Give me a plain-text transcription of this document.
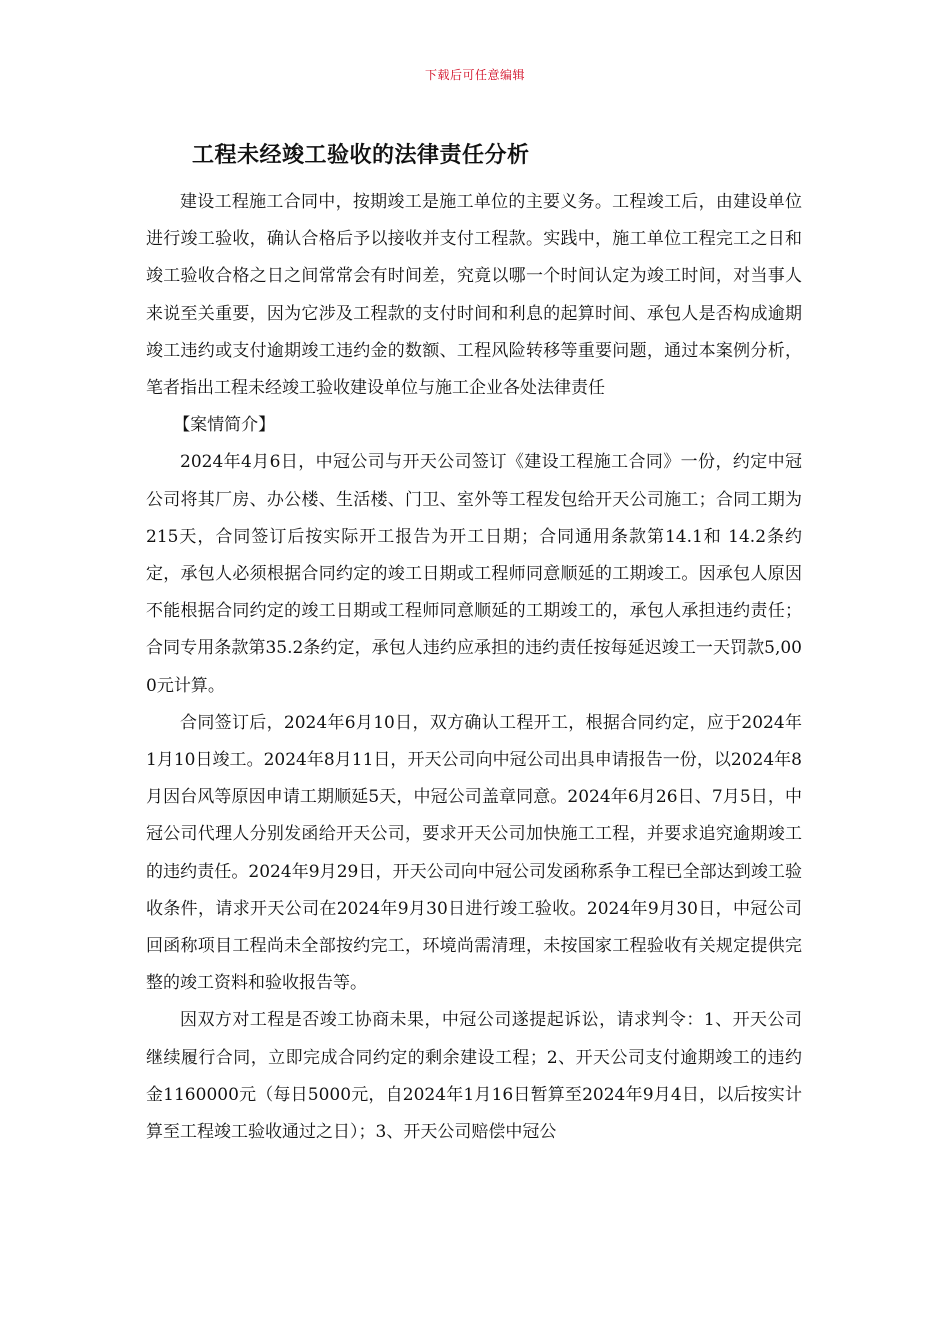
下载后可任意编辑
工程未经竣工验收的法律责任分析

建设工程施工合同中，按期竣工是施工单位的主要义务。工程竣工后，由建设单位进行竣工验收，确认合格后予以接收并支付工程款。实践中，施工单位工程完工之日和竣工验收合格之日之间常常会有时间差，究竟以哪一个时间认定为竣工时间，对当事人来说至关重要，因为它涉及工程款的支付时间和利息的起算时间、承包人是否构成逾期竣工违约或支付逾期竣工违约金的数额、工程风险转移等重要问题，通过本案例分析，笔者指出工程未经竣工验收建设单位与施工企业各处法律责任

【案情简介】

2024年4月6日，中冠公司与开天公司签订《建设工程施工合同》一份，约定中冠公司将其厂房、办公楼、生活楼、门卫、室外等工程发包给开天公司施工；合同工期为215天，合同签订后按实际开工报告为开工日期；合同通用条款第14.1和 14.2条约定，承包人必须根据合同约定的竣工日期或工程师同意顺延的工期竣工。因承包人原因不能根据合同约定的竣工日期或工程师同意顺延的工期竣工的，承包人承担违约责任；合同专用条款第35.2条约定，承包人违约应承担的违约责任按每延迟竣工一天罚款5,000元计算。

合同签订后，2024年6月10日，双方确认工程开工，根据合同约定，应于2024年1月10日竣工。2024年8月11日，开天公司向中冠公司出具申请报告一份，以2024年8月因台风等原因申请工期顺延5天，中冠公司盖章同意。2024年6月26日、7月5日，中冠公司代理人分别发函给开天公司，要求开天公司加快施工工程，并要求追究逾期竣工的违约责任。2024年9月29日，开天公司向中冠公司发函称系争工程已全部达到竣工验收条件，请求开天公司在2024年9月30日进行竣工验收。2024年9月30日，中冠公司回函称项目工程尚未全部按约完工，环境尚需清理，未按国家工程验收有关规定提供完整的竣工资料和验收报告等。

因双方对工程是否竣工协商未果，中冠公司遂提起诉讼，请求判令：1、开天公司继续履行合同，立即完成合同约定的剩余建设工程；2、开天公司支付逾期竣工的违约金1160000元（每日5000元，自2024年1月16日暂算至2024年9月4日，以后按实计算至工程竣工验收通过之日）；3、开天公司赔偿中冠公
